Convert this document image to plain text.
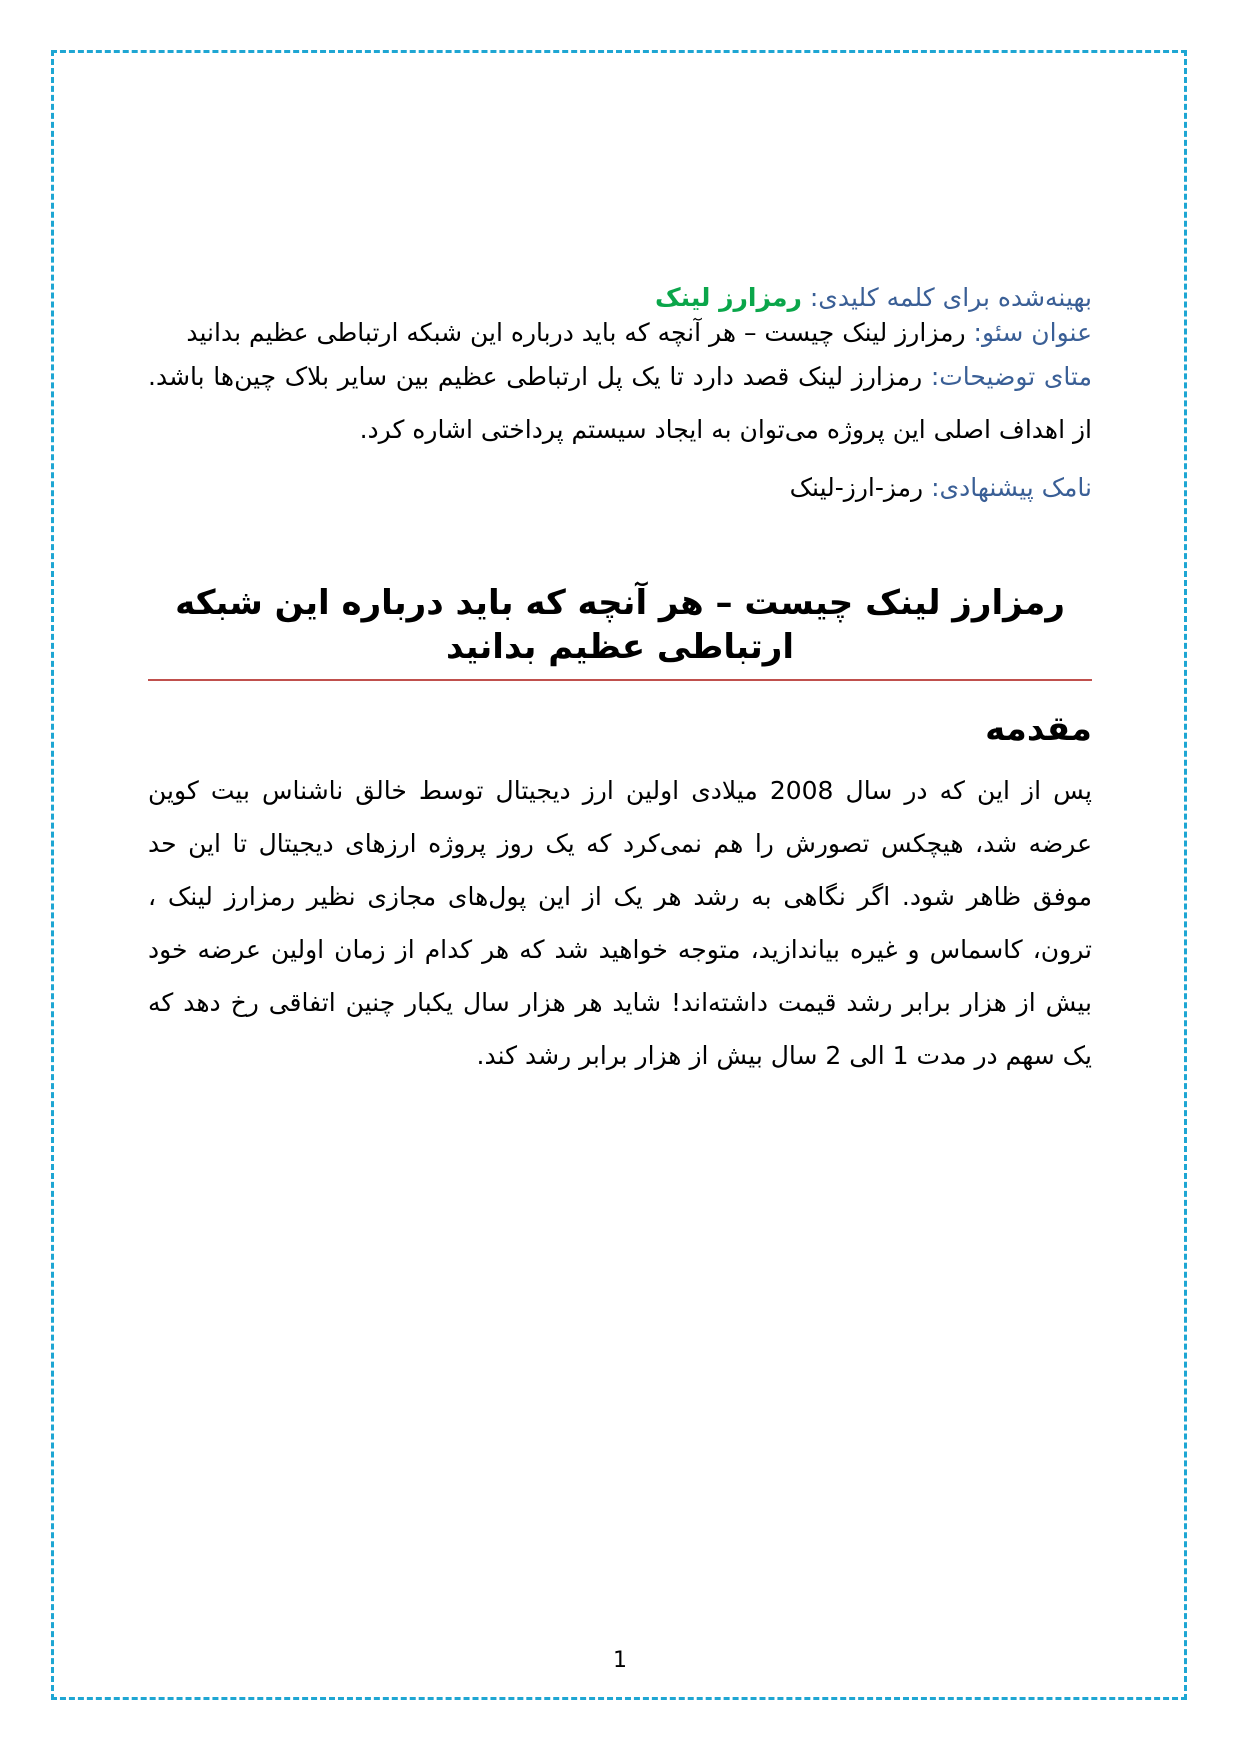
بهینه‌شده برای کلمه کلیدی: رمزارز لینک

عنوان سئو: رمزارز لینک چیست – هر آنچه که باید درباره این شبکه ارتباطی عظیم بدانید

متای توضیحات: رمزارز لینک قصد دارد تا یک پل ارتباطی عظیم بین سایر بلاک چین‌ها باشد. از اهداف اصلی این پروژه می‌توان به ایجاد سیستم پرداختی اشاره کرد.

نامک پیشنهادی: رمز-ارز-لینک

رمزارز لینک چیست – هر آنچه که باید درباره این شبکه ارتباطی عظیم بدانید
مقدمه

پس از این که در سال 2008 میلادی اولین ارز دیجیتال توسط خالق ناشناس بیت کوین عرضه شد، هیچکس تصورش را هم نمی‌کرد که یک روز پروژه ارزهای دیجیتال تا این حد موفق ظاهر شود. اگر نگاهی به رشد هر یک از این پول‌های مجازی نظیر رمزارز لینک ، ترون، کاسماس و غیره بیاندازید، متوجه خواهید شد که هر کدام از زمان اولین عرضه خود بیش از هزار برابر رشد قیمت داشته‌اند! شاید هر هزار سال یکبار چنین اتفاقی رخ دهد که یک سهم در مدت 1 الی 2 سال بیش از هزار برابر رشد کند.

1
